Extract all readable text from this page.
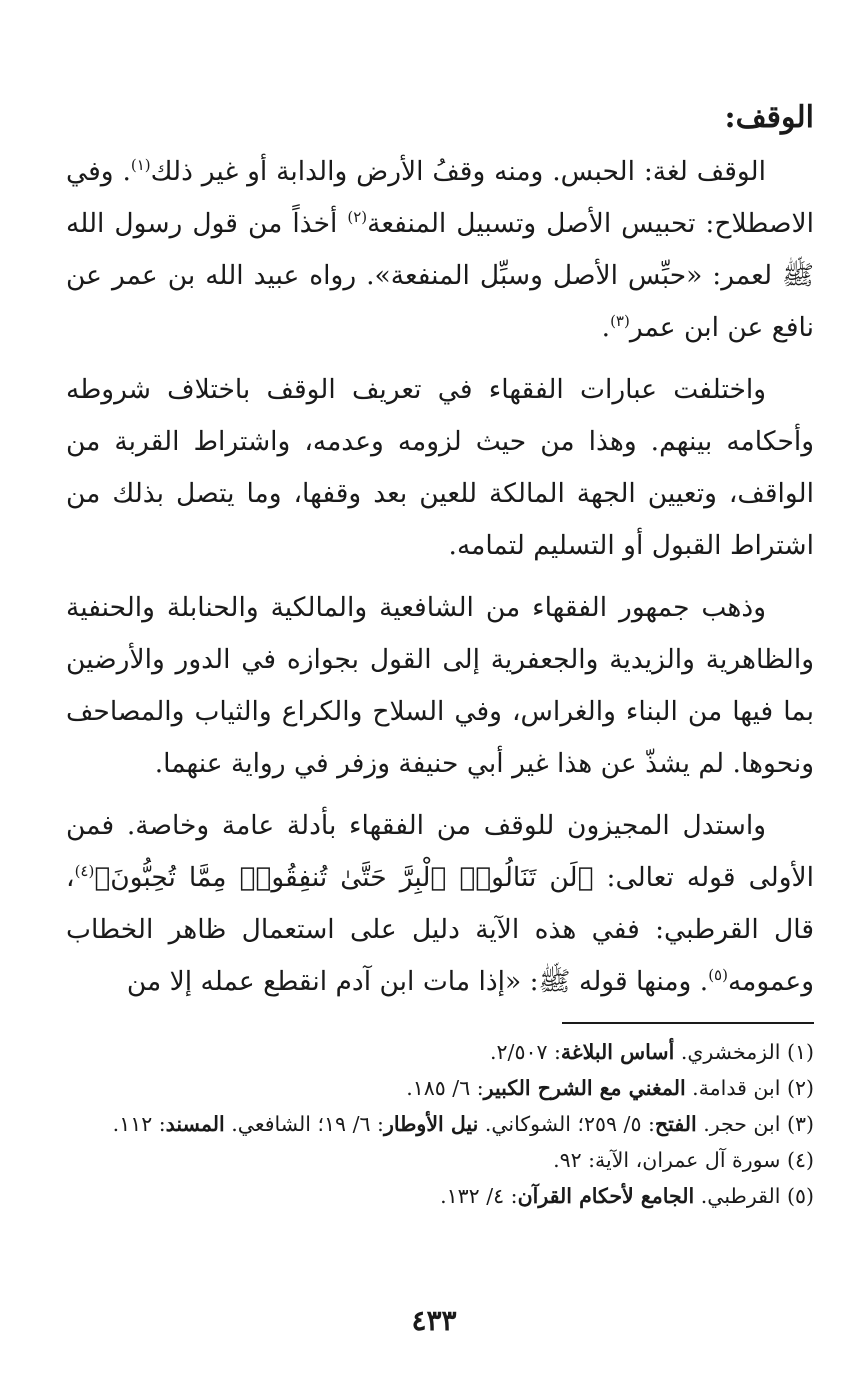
الوقف:

الوقف لغة: الحبس. ومنه وقفُ الأرض والدابة أو غير ذلك$^{(١)}$. وفي الاصطلاح: تحبيس الأصل وتسبيل المنفعة$^{(٢)}$ أخذاً من قول رسول الله ﷺ لعمر: «حبِّس الأصل وسبِّل المنفعة». رواه عبيد الله بن عمر عن نافع عن ابن عمر$^{(٣)}$.

واختلفت عبارات الفقهاء في تعريف الوقف باختلاف شروطه وأحكامه بينهم. وهذا من حيث لزومه وعدمه، واشتراط القربة من الواقف، وتعيين الجهة المالكة للعين بعد وقفها، وما يتصل بذلك من اشتراط القبول أو التسليم لتمامه.

وذهب جمهور الفقهاء من الشافعية والمالكية والحنابلة والحنفية والظاهرية والزيدية والجعفرية إلى القول بجوازه في الدور والأرضين بما فيها من البناء والغراس، وفي السلاح والكراع والثياب والمصاحف ونحوها. لم يشذّ عن هذا غير أبي حنيفة وزفر في رواية عنهما.

واستدل المجيزون للوقف من الفقهاء بأدلة عامة وخاصة. فمن الأولى قوله تعالى: ﴿لَن تَنَالُوا۟ ٱلْبِرَّ حَتَّىٰ تُنفِقُوا۟ مِمَّا تُحِبُّونَ﴾$^{(٤)}$، قال القرطبي: ففي هذه الآية دليل على استعمال ظاهر الخطاب وعمومه$^{(٥)}$. ومنها قوله ﷺ: «إذا مات ابن آدم انقطع عمله إلا من

(١) الزمخشري. أساس البلاغة: ٢/٥٠٧.

(٢) ابن قدامة. المغني مع الشرح الكبير: ٦/ ١٨٥.

(٣) ابن حجر. الفتح: ٥/ ٢٥٩؛ الشوكاني. نيل الأوطار: ٦/ ١٩؛ الشافعي. المسند: ١١٢.

(٤) سورة آل عمران، الآية: ٩٢.

(٥) القرطبي. الجامع لأحكام القرآن: ٤/ ١٣٢.

٤٣٣
